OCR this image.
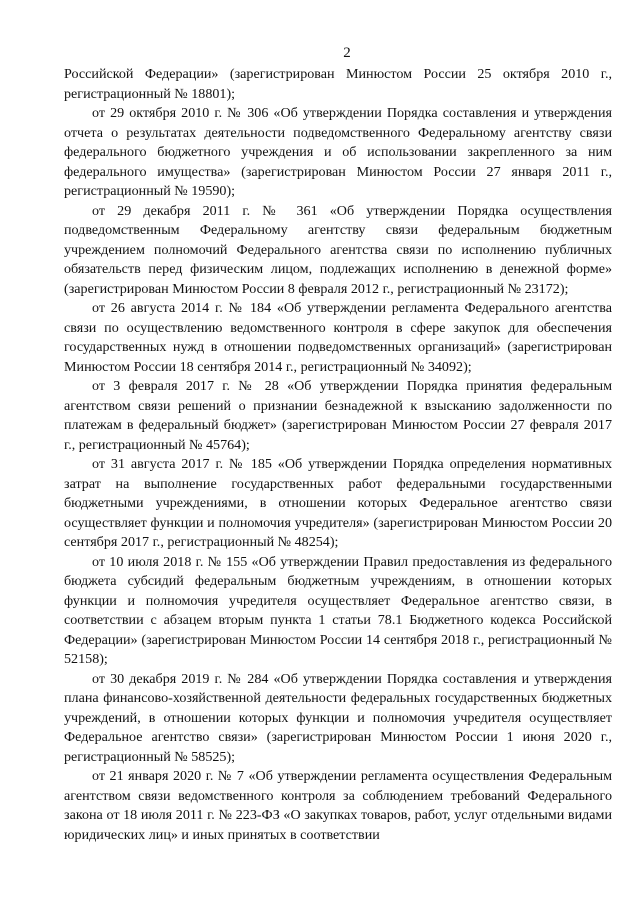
2

Российской Федерации» (зарегистрирован Минюстом России 25 октября 2010 г., регистрационный № 18801);

от 29 октября 2010 г. № 306 «Об утверждении Порядка составления и утверждения отчета о результатах деятельности подведомственного Федеральному агентству связи федерального бюджетного учреждения и об использовании закрепленного за ним федерального имущества» (зарегистрирован Минюстом России 27 января 2011 г., регистрационный № 19590);

от 29 декабря 2011 г. № 361 «Об утверждении Порядка осуществления подведомственным Федеральному агентству связи федеральным бюджетным учреждением полномочий Федерального агентства связи по исполнению публичных обязательств перед физическим лицом, подлежащих исполнению в денежной форме» (зарегистрирован Минюстом России 8 февраля 2012 г., регистрационный № 23172);

от 26 августа 2014 г. № 184 «Об утверждении регламента Федерального агентства связи по осуществлению ведомственного контроля в сфере закупок для обеспечения государственных нужд в отношении подведомственных организаций» (зарегистрирован Минюстом России 18 сентября 2014 г., регистрационный № 34092);

от 3 февраля 2017 г. № 28 «Об утверждении Порядка принятия федеральным агентством связи решений о признании безнадежной к взысканию задолженности по платежам в федеральный бюджет» (зарегистрирован Минюстом России 27 февраля 2017 г., регистрационный № 45764);

от 31 августа 2017 г. № 185 «Об утверждении Порядка определения нормативных затрат на выполнение государственных работ федеральными государственными бюджетными учреждениями, в отношении которых Федеральное агентство связи осуществляет функции и полномочия учредителя» (зарегистрирован Минюстом России 20 сентября 2017 г., регистрационный № 48254);

от 10 июля 2018 г. № 155 «Об утверждении Правил предоставления из федерального бюджета субсидий федеральным бюджетным учреждениям, в отношении которых функции и полномочия учредителя осуществляет Федеральное агентство связи, в соответствии с абзацем вторым пункта 1 статьи 78.1 Бюджетного кодекса Российской Федерации» (зарегистрирован Минюстом России 14 сентября 2018 г., регистрационный № 52158);

от 30 декабря 2019 г. № 284 «Об утверждении Порядка составления и утверждения плана финансово-хозяйственной деятельности федеральных государственных бюджетных учреждений, в отношении которых функции и полномочия учредителя осуществляет Федеральное агентство связи» (зарегистрирован Минюстом России 1 июня 2020 г., регистрационный № 58525);

от 21 января 2020 г. № 7 «Об утверждении регламента осуществления Федеральным агентством связи ведомственного контроля за соблюдением требований Федерального закона от 18 июля 2011 г. № 223-ФЗ «О закупках товаров, работ, услуг отдельными видами юридических лиц» и иных принятых в соответствии
